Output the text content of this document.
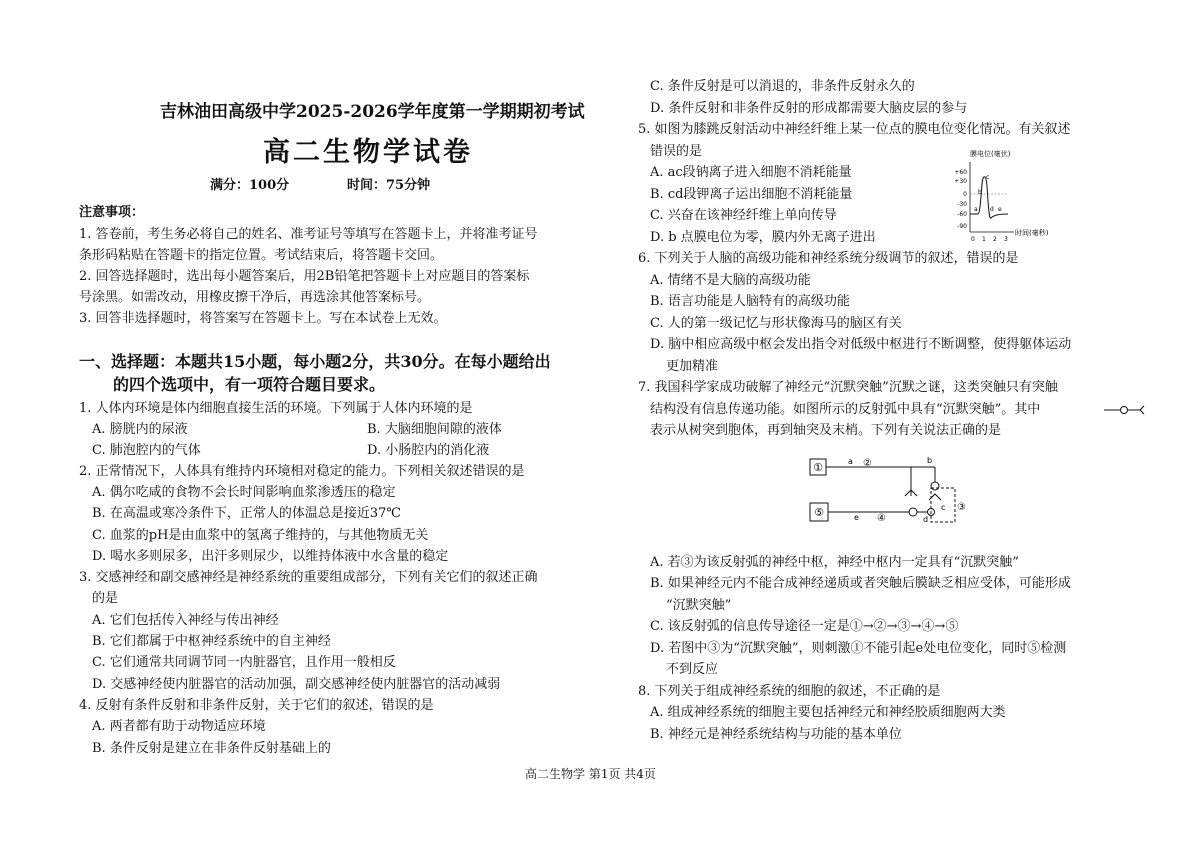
吉林油田高级中学2025-2026学年度第一学期期初考试
高二生物学试卷
满分：100分	时间：75分钟
注意事项：
1. 答卷前，考生务必将自己的姓名、准考证号等填写在答题卡上，并将准考证号
条形码粘贴在答题卡的指定位置。考试结束后，将答题卡交回。
2. 回答选择题时，选出每小题答案后，用2B铅笔把答题卡上对应题目的答案标
号涂黑。如需改动，用橡皮擦干净后，再选涂其他答案标号。
3. 回答非选择题时，将答案写在答题卡上。写在本试卷上无效。
一、选择题：本题共15小题，每小题2分，共30分。在每小题给出
的四个选项中，有一项符合题目要求。
1. 人体内环境是体内细胞直接生活的环境。下列属于人体内环境的是
A. 膀胱内的尿液	B. 大脑细胞间隙的液体
C. 肺泡腔内的气体	D. 小肠腔内的消化液
2. 正常情况下，人体具有维持内环境相对稳定的能力。下列相关叙述错误的是
A. 偶尔吃咸的食物不会长时间影响血浆渗透压的稳定
B. 在高温或寒冷条件下，正常人的体温总是接近37℃
C. 血浆的pH是由血浆中的氢离子维持的，与其他物质无关
D. 喝水多则尿多，出汗多则尿少，以维持体液中水含量的稳定
3. 交感神经和副交感神经是神经系统的重要组成部分，下列有关它们的叙述正确
的是
A. 它们包括传入神经与传出神经
B. 它们都属于中枢神经系统中的自主神经
C. 它们通常共同调节同一内脏器官，且作用一般相反
D. 交感神经使内脏器官的活动加强，副交感神经使内脏器官的活动减弱
4. 反射有条件反射和非条件反射，关于它们的叙述，错误的是
A. 两者都有助于动物适应环境
B. 条件反射是建立在非条件反射基础上的
C. 条件反射是可以消退的，非条件反射永久的
D. 条件反射和非条件反射的形成都需要大脑皮层的参与
5. 如图为膝跳反射活动中神经纤维上某一位点的膜电位变化情况。有关叙述
错误的是
A. ac段钠离子进入细胞不消耗能量
B. cd段钾离子运出细胞不消耗能量
C. 兴奋在该神经纤维上单向传导
D. b 点膜电位为零，膜内外无离子进出
6. 下列关于人脑的高级功能和神经系统分级调节的叙述，错误的是
A. 情绪不是大脑的高级功能
B. 语言功能是人脑特有的高级功能
C. 人的第一级记忆与形状像海马的脑区有关
D. 脑中相应高级中枢会发出指令对低级中枢进行不断调整，使得躯体运动
更加精准
7. 我国科学家成功破解了神经元“沉默突触”沉默之谜，这类突触只有突触
结构没有信息传递功能。如图所示的反射弧中具有“沉默突触”。其中
表示从树突到胞体，再到轴突及末梢。下列有关说法正确的是
①	a ②	b
③
⑤	e ④	d
c
A. 若③为该反射弧的神经中枢，神经中枢内一定具有“沉默突触”
B. 如果神经元内不能合成神经递质或者突触后膜缺乏相应受体，可能形成
“沉默突触”
C. 该反射弧的信息传导途径一定是①→②→③→④→⑤
D. 若图中③为“沉默突触”，则刺激①不能引起e处电位变化，同时⑤检测
不到反应
8. 下列关于组成神经系统的细胞的叙述，不正确的是
A. 组成神经系统的细胞主要包括神经元和神经胶质细胞两大类
B. 神经元是神经系统结构与功能的基本单位
膜电位(毫伏)
时间(毫秒)
+60
+30
0
-30
-60
-90
0 1 2 3
a
b
c
d e
高二生物学 第1页 共4页
